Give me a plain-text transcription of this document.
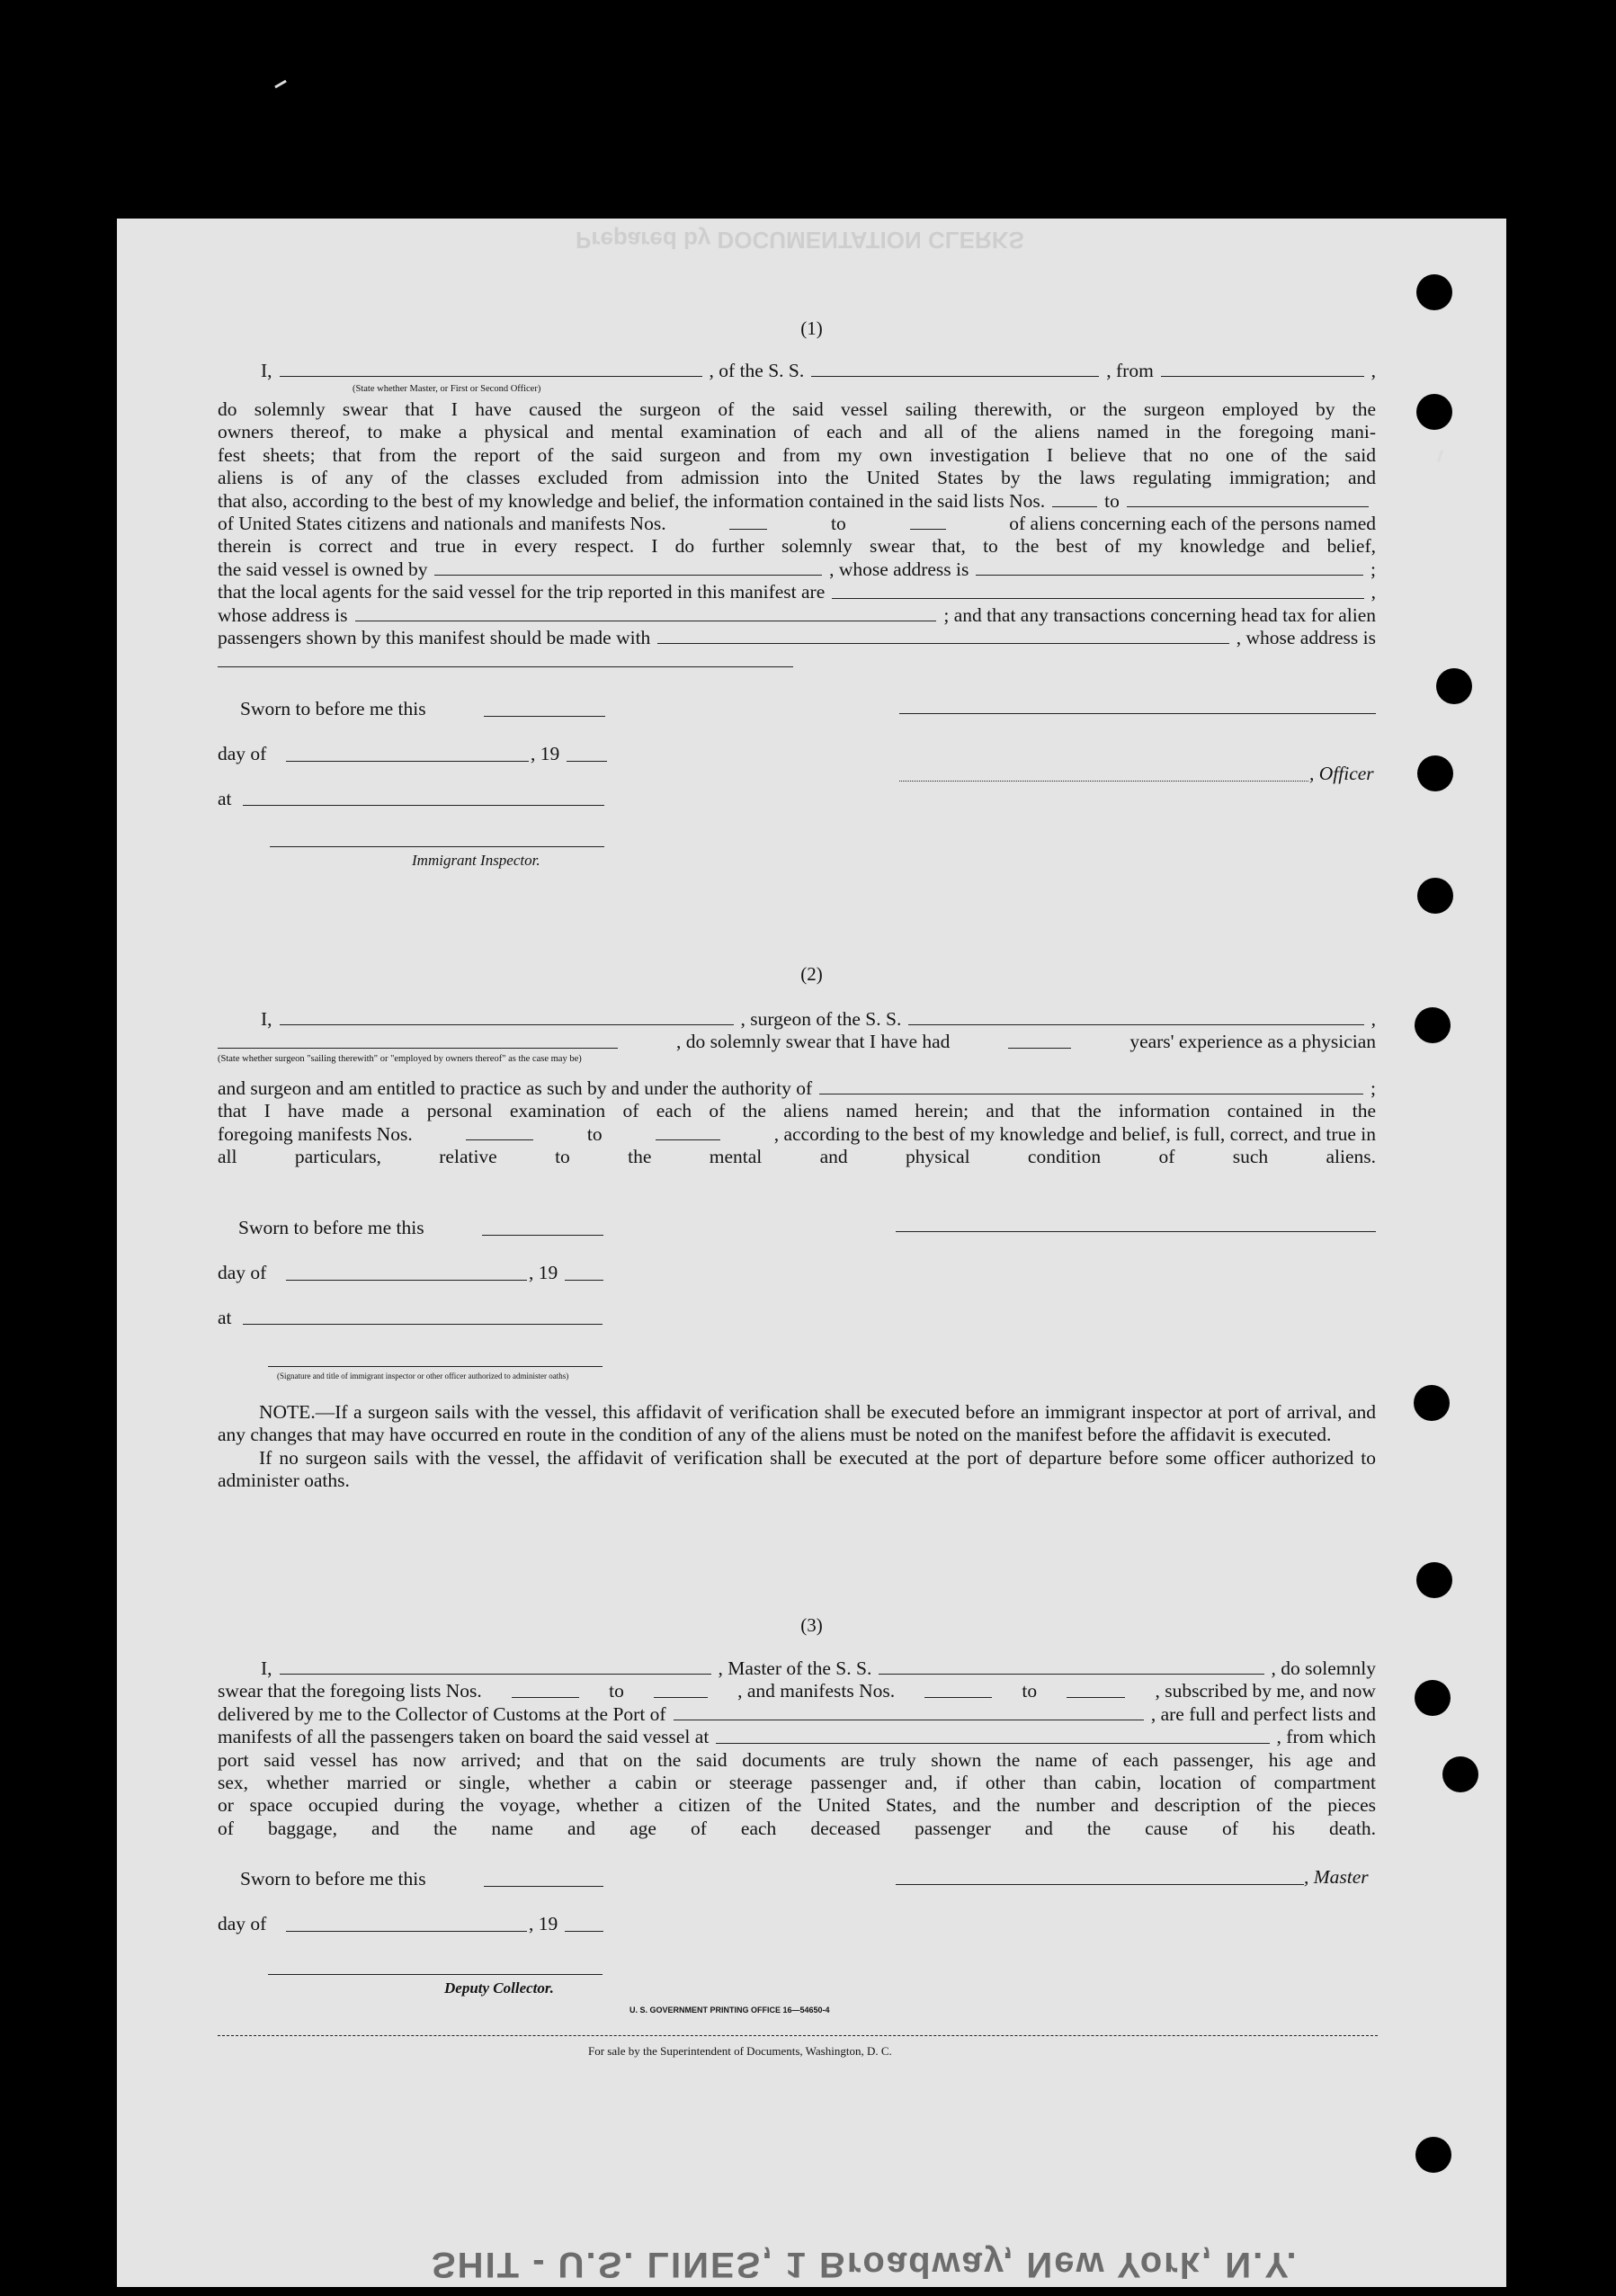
Prepared by DOCUMENTATION CLERKS
(1)
I,	, of the S. S.	, from	,
(State whether Master, or First or Second Officer)
do solemnly swear that I have caused the surgeon of the said vessel sailing therewith, or the surgeon employed by the
owners thereof, to make a physical and mental examination of each and all of the aliens named in the foregoing mani-
fest sheets; that from the report of the said surgeon and from my own investigation I believe that no one of the said
aliens is of any of the classes excluded from admission into the United States by the laws regulating immigration; and
that also, according to the best of my knowledge and belief, the information contained in the said lists Nos.	to
of United States citizens and nationals and manifests Nos.	to	of aliens concerning each of the persons named
therein is correct and true in every respect. I do further solemnly swear that, to the best of my knowledge and belief,
the said vessel is owned by	, whose address is	;
that the local agents for the said vessel for the trip reported in this manifest are	,
whose address is	; and that any transactions concerning head tax for alien
passengers shown by this manifest should be made with	, whose address is
Sworn to before me this
day of	, 19
, Officer
at
Immigrant Inspector.
(2)
I,	, surgeon of the S. S.	,
, do solemnly swear that I have had	years' experience as a physician
(State whether surgeon "sailing therewith" or "employed by owners thereof" as the case may be)
and surgeon and am entitled to practice as such by and under the authority of	;
that I have made a personal examination of each of the aliens named herein; and that the information contained in the
foregoing manifests Nos.	to	, according to the best of my knowledge and belief, is full, correct, and true in
all particulars, relative to the mental and physical condition of such aliens.
Sworn to before me this
day of	, 19
at
(Signature and title of immigrant inspector or other officer authorized to administer oaths)
NOTE.—If a surgeon sails with the vessel, this affidavit of verification shall be executed before an immigrant inspector at port of arrival, and any changes that may have occurred en route in the condition of any of the aliens must be noted on the manifest before the affidavit is executed.
If no surgeon sails with the vessel, the affidavit of verification shall be executed at the port of departure before some officer authorized to administer oaths.
(3)
I,	, Master of the S. S.	, do solemnly
swear that the foregoing lists Nos.	to	, and manifests Nos.	to	, subscribed by me, and now
delivered by me to the Collector of Customs at the Port of	, are full and perfect lists and
manifests of all the passengers taken on board the said vessel at	, from which
port said vessel has now arrived; and that on the said documents are truly shown the name of each passenger, his age and
sex, whether married or single, whether a cabin or steerage passenger and, if other than cabin, location of compartment
or space occupied during the voyage, whether a citizen of the United States, and the number and description of the pieces
of baggage, and the name and age of each deceased passenger and the cause of his death.
Sworn to before me this	, Master
day of	, 19
Deputy Collector.
U. S. GOVERNMENT PRINTING OFFICE 16—54650-4
For sale by the Superintendent of Documents, Washington, D. C.
SHIT - U.S. LINES, 1 Broadway, New York, N.Y.
